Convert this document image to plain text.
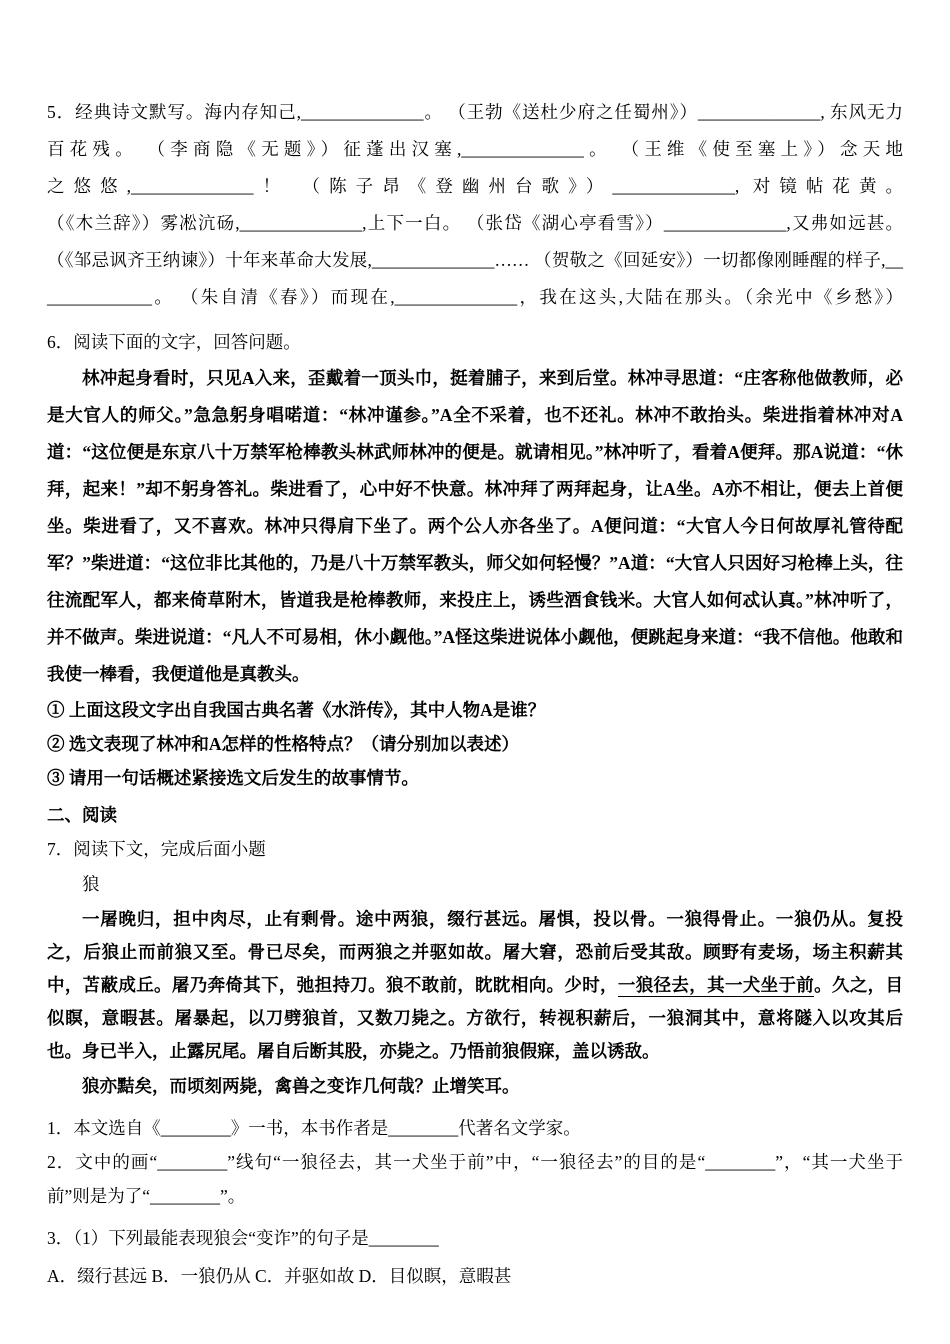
5．经典诗文默写。海内存知己,______________。 （王勃《送杜少府之任蜀州》）______________, 东风无力
百花残。 （李商隐《无题》）征蓬出汉塞,______________。 （王维《使至塞上》）念天地
之悠悠,______________！ （陈子昂《登幽州台歌》）______________, 对镜帖花黄。
（《木兰辞》）雾凇沆砀,______________,上下一白。 （张岱《湖心亭看雪》）______________,又弗如远甚。
（《邹忌讽齐王纳谏》）十年来革命大发展,______________…… （贺敬之《回延安》）一切都像刚睡醒的样子,__
____________。 （朱自清《春》）而现在,______________，我在这头,大陆在那头。（余光中《乡愁》）
6．阅读下面的文字，回答问题。

林冲起身看时，只见A入来，歪戴着一顶头巾，挺着脯子，来到后堂。林冲寻思道：“庄客称他做教师，必是大官人的师父。”急急躬身唱喏道：“林冲谨参。”A全不采着，也不还礼。林冲不敢抬头。柴进指着林冲对A道：“这位便是东京八十万禁军枪棒教头林武师林冲的便是。就请相见。”林冲听了，看着A便拜。那A说道：“休拜，起来！”却不躬身答礼。柴进看了，心中好不快意。林冲拜了两拜起身，让A坐。A亦不相让，便去上首便坐。柴进看了，又不喜欢。林冲只得肩下坐了。两个公人亦各坐了。A便问道：“大官人今日何故厚礼管待配军？”柴进道：“这位非比其他的，乃是八十万禁军教头，师父如何轻慢？”A道：“大官人只因好习枪棒上头，往往流配军人，都来倚草附木，皆道我是枪棒教师，来投庄上，诱些酒食钱米。大官人如何忒认真。”林冲听了，并不做声。柴进说道：“凡人不可易相，休小觑他。”A怪这柴进说体小觑他，便跳起身来道：“我不信他。他敢和我使一棒看，我便道他是真教头。

① 上面这段文字出自我国古典名著《水浒传》，其中人物A是谁？
② 选文表现了林冲和A怎样的性格特点？（请分别加以表述）
③ 请用一句话概述紧接选文后发生的故事情节。
二、阅读
7．阅读下文，完成后面小题
狼

一屠晚归，担中肉尽，止有剩骨。途中两狼，缀行甚远。屠惧，投以骨。一狼得骨止。一狼仍从。复投之，后狼止而前狼又至。骨已尽矣，而两狼之并驱如故。屠大窘，恐前后受其敌。顾野有麦场，场主积薪其中，苫蔽成丘。屠乃奔倚其下，弛担持刀。狼不敢前，眈眈相向。少时，一狼径去，其一犬坐于前。久之，目似瞑，意暇甚。屠暴起，以刀劈狼首，又数刀毙之。方欲行，转视积薪后，一狼洞其中，意将隧入以攻其后也。身已半入，止露尻尾。屠自后断其股，亦毙之。乃悟前狼假寐，盖以诱敌。

狼亦黠矣，而顷刻两毙，禽兽之变诈几何哉？止增笑耳。

1．本文选自《________》一书，本书作者是________代著名文学家。
2．文中的画“________”线句“一狼径去，其一犬坐于前”中，“一狼径去”的目的是“________”，“其一犬坐于前”则是为了“________”。
3．（1）下列最能表现狼会“变诈”的句子是________
A．缀行甚远 B．一狼仍从 C．并驱如故 D．目似瞑，意暇甚
